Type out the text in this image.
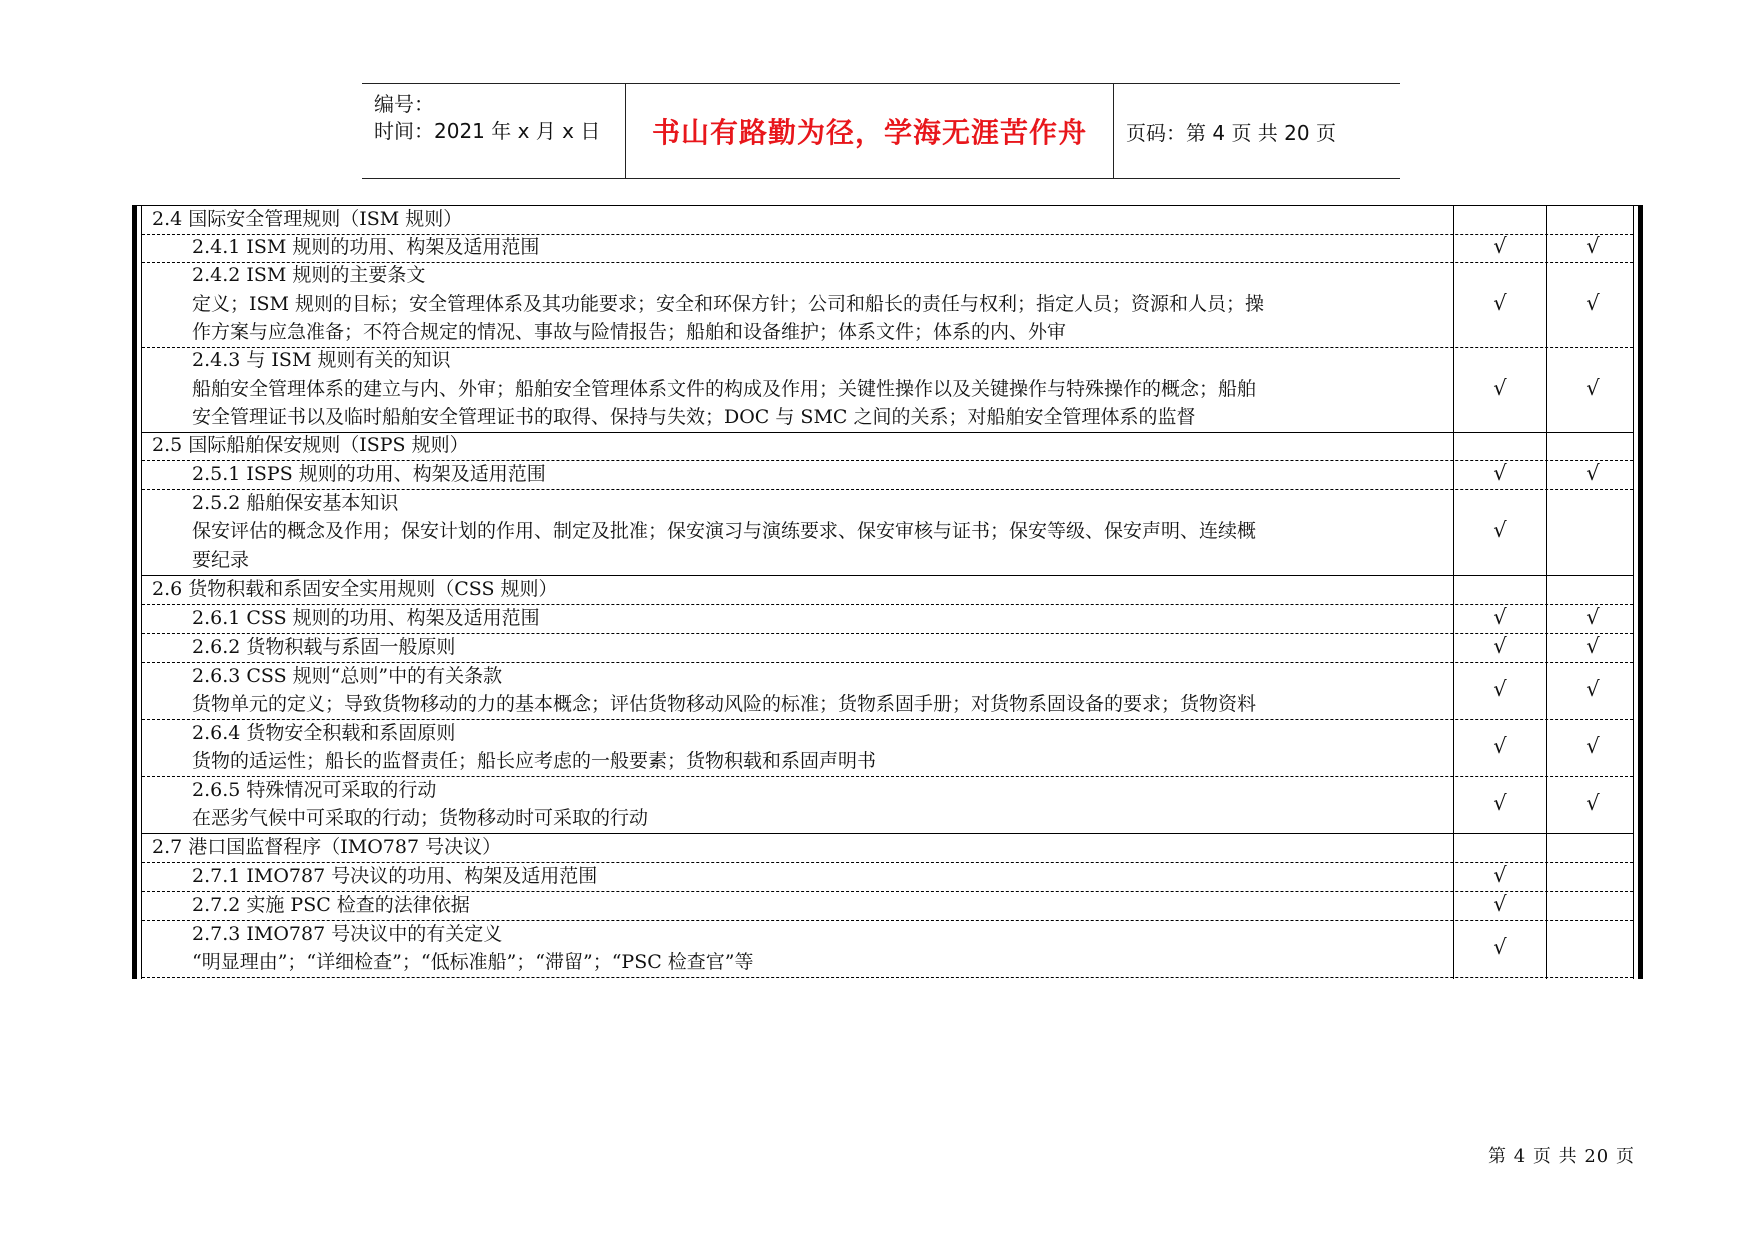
编号：
时间：2021 年 x 月 x 日 书山有路勤为径，学海无涯苦作舟	页码：第 4 页 共 20 页
2.4 国际安全管理规则（ISM 规则）
2.4.1 ISM 规则的功用、构架及适用范围	√	√
2.4.2 ISM 规则的主要条文
定义；ISM 规则的目标；安全管理体系及其功能要求；安全和环保方针；公司和船长的责任与权利；指定人员；资源和人员；操
作方案与应急准备；不符合规定的情况、事故与险情报告；船舶和设备维护；体系文件；体系的内、外审
√	√
2.4.3 与 ISM 规则有关的知识
船舶安全管理体系的建立与内、外审；船舶安全管理体系文件的构成及作用；关键性操作以及关键操作与特殊操作的概念；船舶
安全管理证书以及临时船舶安全管理证书的取得、保持与失效；DOC 与 SMC 之间的关系；对船舶安全管理体系的监督
√	√
2.5 国际船舶保安规则（ISPS 规则）
2.5.1 ISPS 规则的功用、构架及适用范围	√	√
2.5.2 船舶保安基本知识
保安评估的概念及作用；保安计划的作用、制定及批准；保安演习与演练要求、保安审核与证书；保安等级、保安声明、连续概
要纪录
√
2.6 货物积载和系固安全实用规则（CSS 规则）
2.6.1 CSS 规则的功用、构架及适用范围	√	√
2.6.2 货物积载与系固一般原则	√	√
2.6.3 CSS 规则“总则”中的有关条款
货物单元的定义；导致货物移动的力的基本概念；评估货物移动风险的标准；货物系固手册；对货物系固设备的要求；货物资料
√	√
2.6.4 货物安全积载和系固原则
货物的适运性；船长的监督责任；船长应考虑的一般要素；货物积载和系固声明书
√	√
2.6.5 特殊情况可采取的行动
在恶劣气候中可采取的行动；货物移动时可采取的行动
√	√
2.7 港口国监督程序（IMO787 号决议）
2.7.1 IMO787 号决议的功用、构架及适用范围	√
2.7.2 实施 PSC 检查的法律依据	√
2.7.3 IMO787 号决议中的有关定义
“明显理由”；“详细检查”；“低标准船”；“滞留”；“PSC 检查官”等
√
第 4 页 共 20 页
